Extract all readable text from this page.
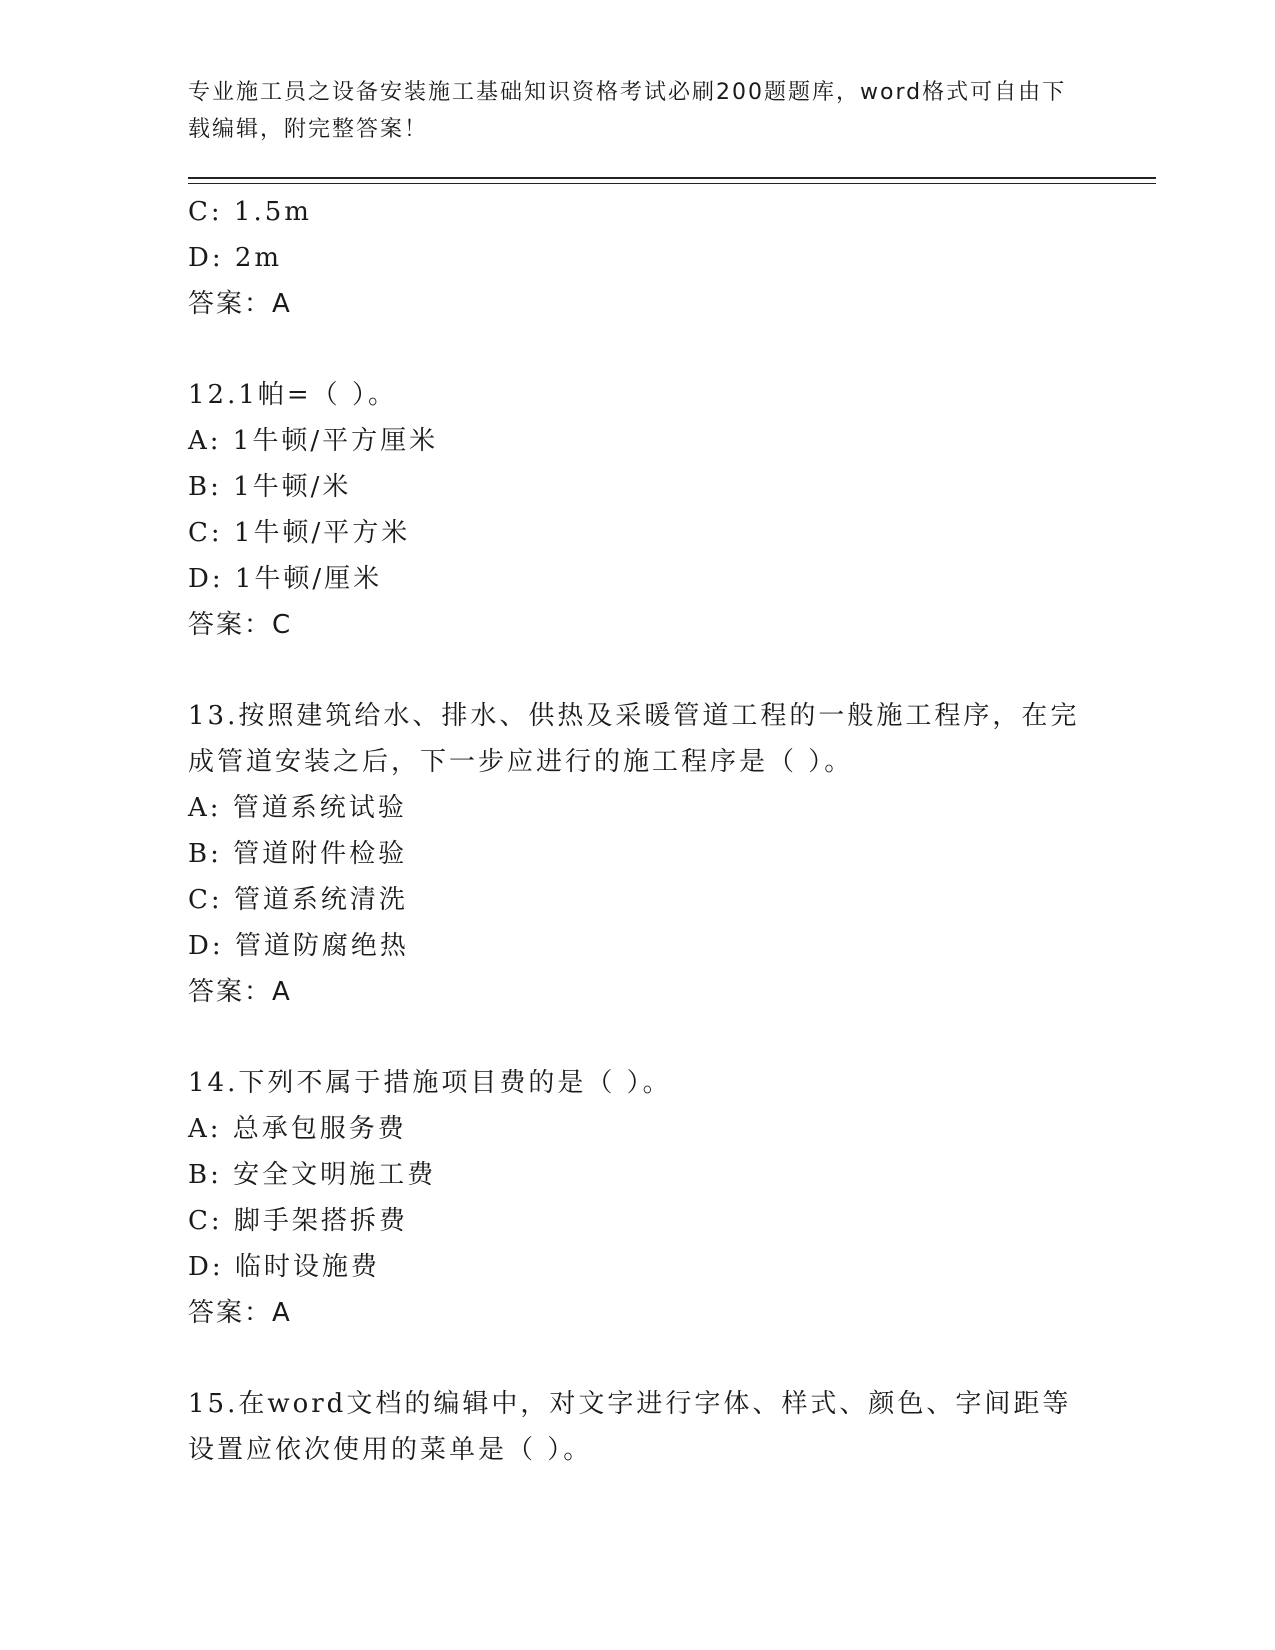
专业施工员之设备安装施工基础知识资格考试必刷200题题库，word格式可自由下载编辑，附完整答案！
C: 1.5m
D: 2m
答案：A
12.1帕=（ ）。
A: 1牛顿/平方厘米
B: 1牛顿/米
C: 1牛顿/平方米
D: 1牛顿/厘米
答案：C
13.按照建筑给水、排水、供热及采暖管道工程的一般施工程序，在完成管道安装之后，下一步应进行的施工程序是（ ）。
A: 管道系统试验
B: 管道附件检验
C: 管道系统清洗
D: 管道防腐绝热
答案：A
14.下列不属于措施项目费的是（ ）。
A: 总承包服务费
B: 安全文明施工费
C: 脚手架搭拆费
D: 临时设施费
答案：A
15.在word文档的编辑中，对文字进行字体、样式、颜色、字间距等设置应依次使用的菜单是（ ）。
